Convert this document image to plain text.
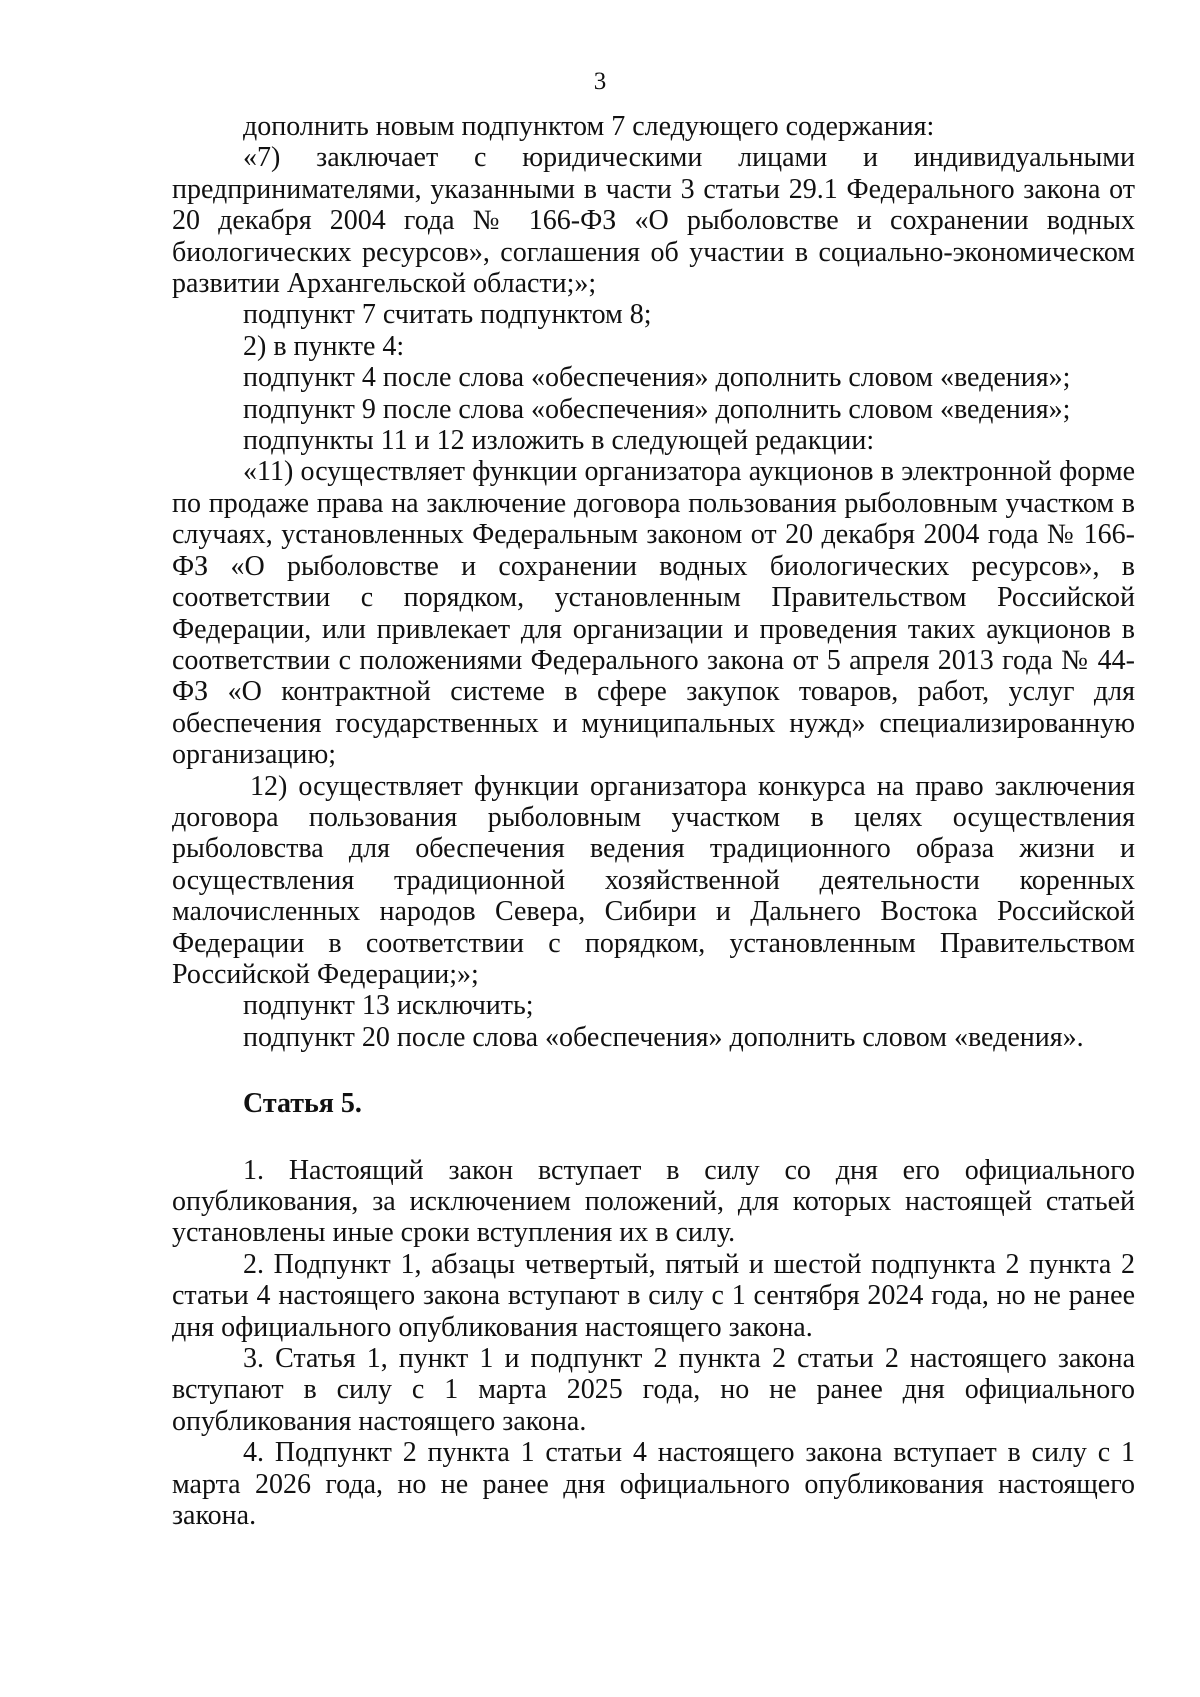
3

дополнить новым подпунктом 7 следующего содержания:

«7) заключает с юридическими лицами и индивидуальными предпринимателями, указанными в части 3 статьи 29.1 Федерального закона от 20 декабря 2004 года № 166-ФЗ «О рыболовстве и сохранении водных биологических ресурсов», соглашения об участии в социально-экономическом развитии Архангельской области;»;

подпункт 7 считать подпунктом 8;

2) в пункте 4:

подпункт 4 после слова «обеспечения» дополнить словом «ведения»;

подпункт 9 после слова «обеспечения» дополнить словом «ведения»;

подпункты 11 и 12 изложить в следующей редакции:

«11) осуществляет функции организатора аукционов в электронной форме по продаже права на заключение договора пользования рыболовным участком в случаях, установленных Федеральным законом от 20 декабря 2004 года № 166-ФЗ «О рыболовстве и сохранении водных биологических ресурсов», в соответствии с порядком, установленным Правительством Российской Федерации, или привлекает для организации и проведения таких аукционов в соответствии с положениями Федерального закона от 5 апреля 2013 года № 44-ФЗ «О контрактной системе в сфере закупок товаров, работ, услуг для обеспечения государственных и муниципальных нужд» специализированную организацию;

12) осуществляет функции организатора конкурса на право заключения договора пользования рыболовным участком в целях осуществления рыболовства для обеспечения ведения традиционного образа жизни и осуществления традиционной хозяйственной деятельности коренных малочисленных народов Севера, Сибири и Дальнего Востока Российской Федерации в соответствии с порядком, установленным Правительством Российской Федерации;»;

подпункт 13 исключить;

подпункт 20 после слова «обеспечения» дополнить словом «ведения».

Статья 5.

1. Настоящий закон вступает в силу со дня его официального опубликования, за исключением положений, для которых настоящей статьей установлены иные сроки вступления их в силу.

2. Подпункт 1, абзацы четвертый, пятый и шестой подпункта 2 пункта 2 статьи 4 настоящего закона вступают в силу с 1 сентября 2024 года, но не ранее дня официального опубликования настоящего закона.

3. Статья 1, пункт 1 и подпункт 2 пункта 2 статьи 2 настоящего закона вступают в силу с 1 марта 2025 года, но не ранее дня официального опубликования настоящего закона.

4. Подпункт 2 пункта 1 статьи 4 настоящего закона вступает в силу с 1 марта 2026 года, но не ранее дня официального опубликования настоящего закона.
